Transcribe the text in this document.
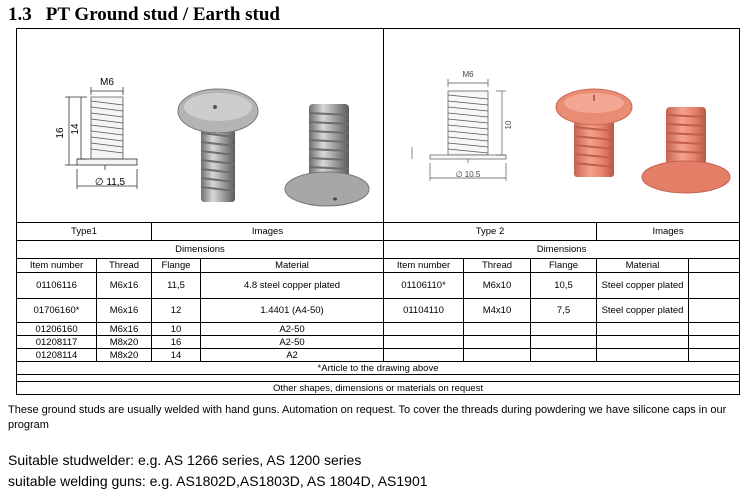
1.3 PT Ground stud / Earth stud
M6
16 14
∅ 11,5				M6
10
∅ 10.5				

Type1		Images		Type 2			Images	
Dimensions				Dimensions				
Item number	Thread	Flange	Material	Item number	Thread	Flange	Material	
01106116	M6x16	11,5	4.8 steel copper plated	01106110*	M6x10	10,5	Steel copper plated	
01706160*	M6x16	12	1.4401 (A4-50)	01104110	M4x10	7,5	Steel copper plated	
01206160	M6x16	10	A2-50					
01208117	M8x20	16	A2-50					
01208114	M8x20	14	A2					
*Article to the drawing above								

Other shapes, dimensions or materials on request								
These ground studs are usually welded with hand guns. Automation on request. To cover the threads during powdering we have silicone caps in our program
Suitable studwelder: e.g. AS 1266 series, AS 1200 series
suitable welding guns: e.g. AS1802D,AS1803D, AS 1804D, AS1901
